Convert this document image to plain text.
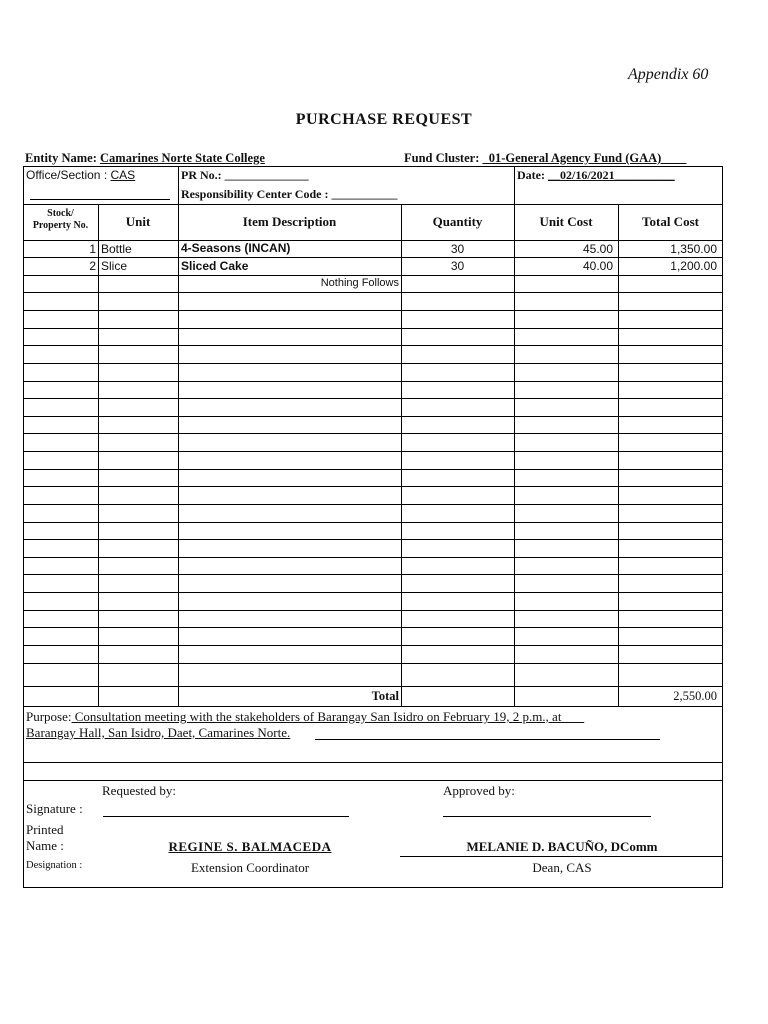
Appendix 60
PURCHASE REQUEST
Entity Name: Camarines Norte State College	Fund Cluster: _01-General Agency Fund (GAA)____
Office/Section : CAS	PR No.: ______________
Responsibility Center Code : ___________
Date: __02/16/2021__________
Stock/
Property No.	Unit	Item Description	Quantity	Unit Cost	Total Cost
1 Bottle	4-Seasons (INCAN)	30	45.00	1,350.00
2 Slice	Sliced Cake	30	40.00	1,200.00
Nothing Follows
Total	2,550.00
Purpose: Consultation meeting with the stakeholders of Barangay San Isidro on February 19, 2 p.m., at
Barangay Hall, San Isidro, Daet, Camarines Norte.
Requested by:	Approved by:
Signature :
Printed
Name :	REGINE S. BALMACEDA	MELANIE D. BACUÑO, DComm
Designation :	Extension Coordinator	Dean, CAS
